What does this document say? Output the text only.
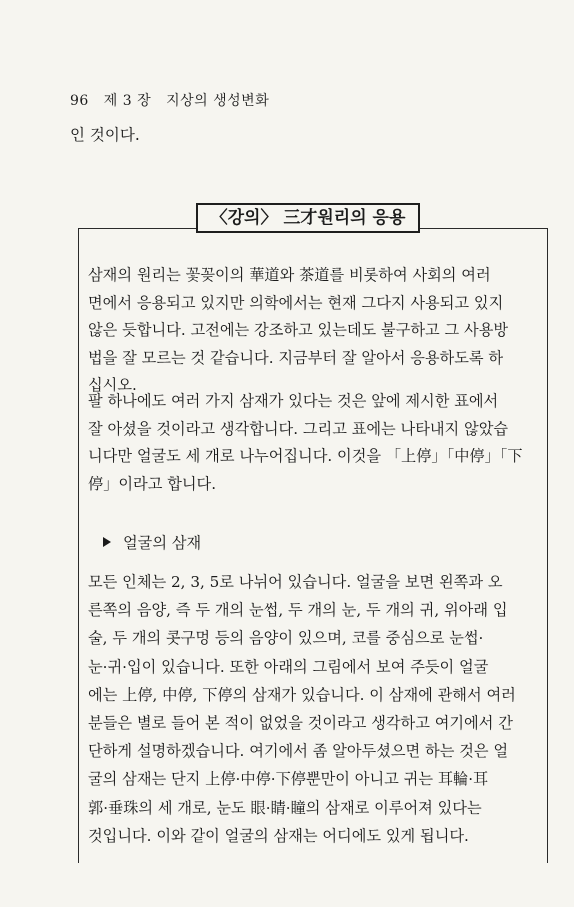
96 제 3 장 지상의 생성변화
인 것이다.
〈강의〉 三才원리의 응용
삼재의 원리는 꽃꽂이의 華道와 茶道를 비롯하여 사회의 여러
면에서 응용되고 있지만 의학에서는 현재 그다지 사용되고 있지
않은 듯합니다. 고전에는 강조하고 있는데도 불구하고 그 사용방
법을 잘 모르는 것 같습니다. 지금부터 잘 알아서 응용하도록 하
십시오.
팔 하나에도 여러 가지 삼재가 있다는 것은 앞에 제시한 표에서
잘 아셨을 것이라고 생각합니다. 그리고 표에는 나타내지 않았습
니다만 얼굴도 세 개로 나누어집니다. 이것을 「上停」「中停」「下
停」이라고 합니다.
얼굴의 삼재
모든 인체는 2, 3, 5로 나뉘어 있습니다. 얼굴을 보면 왼쪽과 오
른쪽의 음양, 즉 두 개의 눈썹, 두 개의 눈, 두 개의 귀, 위아래 입
술, 두 개의 콧구멍 등의 음양이 있으며, 코를 중심으로 눈썹·
눈·귀·입이 있습니다. 또한 아래의 그림에서 보여 주듯이 얼굴
에는 上停, 中停, 下停의 삼재가 있습니다. 이 삼재에 관해서 여러
분들은 별로 들어 본 적이 없었을 것이라고 생각하고 여기에서 간
단하게 설명하겠습니다. 여기에서 좀 알아두셨으면 하는 것은 얼
굴의 삼재는 단지 上停·中停·下停뿐만이 아니고 귀는 耳輪·耳
郭·垂珠의 세 개로, 눈도 眼·睛·瞳의 삼재로 이루어져 있다는
것입니다. 이와 같이 얼굴의 삼재는 어디에도 있게 됩니다.
